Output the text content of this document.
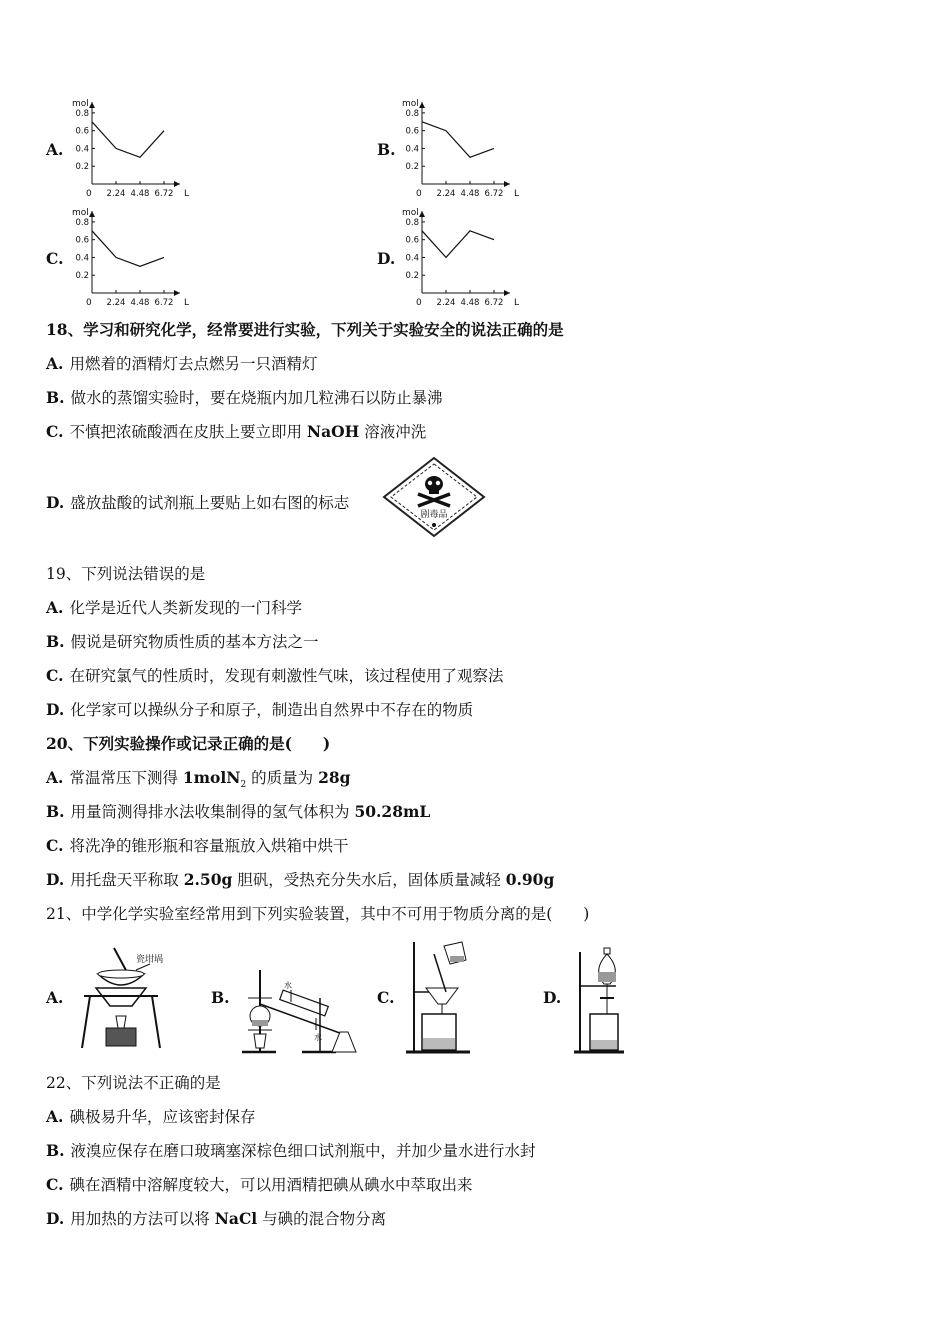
A.	B.
C.	D.
mol
L
0
0.8
0.6
0.4
0.2
2.24 4.48 6.72
mol
L
0
0.8
0.6
0.4
0.2
2.24 4.48 6.72
mol
L
0
0.8
0.6
0.4
0.2
2.24 4.48 6.72
mol
L
0
0.8
0.6
0.4
0.2
2.24 4.48 6.72
18、学习和研究化学，经常要进行实验，下列关于实验安全的说法正确的是
A. 用燃着的酒精灯去点燃另一只酒精灯
B. 做水的蒸馏实验时，要在烧瓶内加几粒沸石以防止暴沸
C. 不慎把浓硫酸洒在皮肤上要立即用 NaOH 溶液冲洗
D. 盛放盐酸的试剂瓶上要贴上如右图的标志
剧毒品
19、下列说法错误的是
A. 化学是近代人类新发现的一门科学
B. 假说是研究物质性质的基本方法之一
C. 在研究氯气的性质时，发现有刺激性气味，该过程使用了观察法
D. 化学家可以操纵分子和原子，制造出自然界中不存在的物质
20、下列实验操作或记录正确的是(　　)
A. 常温常压下测得 1molN$_2$ 的质量为 28g
B. 用量筒测得排水法收集制得的氢气体积为 50.28mL
C. 将洗净的锥形瓶和容量瓶放入烘箱中烘干
D. 用托盘天平称取 2.50g 胆矾，受热充分失水后，固体质量减轻 0.90g
21、中学化学实验室经常用到下列实验装置，其中不可用于物质分离的是(　　)
A.	B.	C.	D.
瓷坩埚
水
水
22、下列说法不正确的是
A. 碘极易升华，应该密封保存
B. 液溴应保存在磨口玻璃塞深棕色细口试剂瓶中，并加少量水进行水封
C. 碘在酒精中溶解度较大，可以用酒精把碘从碘水中萃取出来
D. 用加热的方法可以将 NaCl 与碘的混合物分离
